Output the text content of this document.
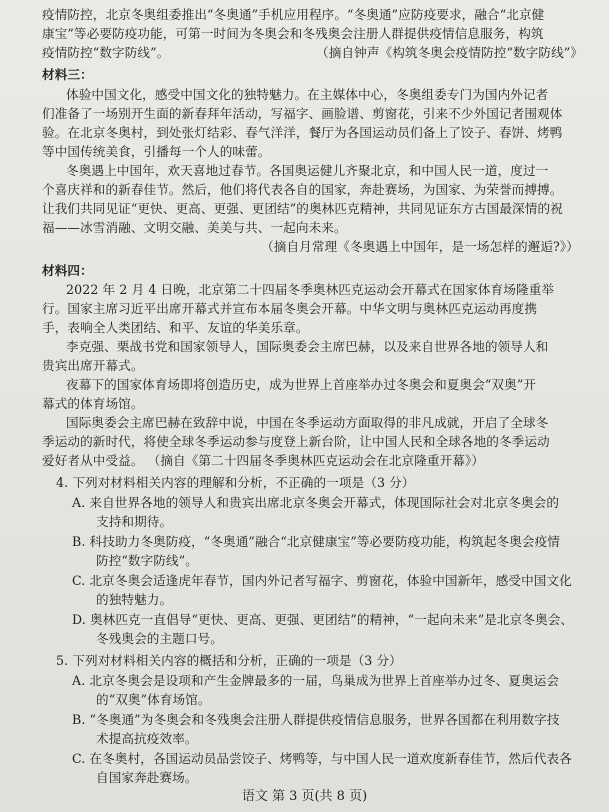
疫情防控，北京冬奥组委推出“冬奥通”手机应用程序。“冬奥通”应防疫要求，融合“北京健
康宝”等必要防疫功能，可第一时间为冬奥会和冬残奥会注册人群提供疫情信息服务，构筑
疫情防控“数字防线”。	（摘自钟声《构筑冬奥会疫情防控“数字防线”》
材料三：
体验中国文化，感受中国文化的独特魅力。在主媒体中心，冬奥组委专门为国内外记者
们准备了一场别开生面的新春拜年活动，写福字、画脸谱、剪窗花，引来不少外国记者围观体
验。在北京冬奥村，到处张灯结彩、春气洋洋，餐厅为各国运动员们备上了饺子、春饼、烤鸭
等中国传统美食，引播每一个人的味蕾。
冬奥遇上中国年，欢天喜地过春节。各国奥运健儿齐聚北京，和中国人民一道，度过一
个喜庆祥和的新春佳节。然后，他们将代表各自的国家，奔赴赛场，为国家、为荣誉而搏搏。
让我们共同见证“更快、更高、更强、更团结”的奥林匹克精神，共同见证东方古国最深情的祝
福——冰雪消融、文明交融、美美与共、一起向未来。
（摘自月常理《冬奥遇上中国年，是一场怎样的邂逅?》）
材料四：
2022 年 2 月 4 日晚，北京第二十四届冬季奥林匹克运动会开幕式在国家体育场隆重举
行。国家主席习近平出席开幕式并宣布本届冬奥会开幕。中华文明与奥林匹克运动再度携
手，表响全人类团结、和平、友谊的华美乐章。
李克强、栗战书党和国家领导人，国际奥委会主席巴赫，以及来自世界各地的领导人和
贵宾出席开幕式。
夜幕下的国家体育场即将创造历史，成为世界上首座举办过冬奥会和夏奥会“双奥”开
幕式的体育场馆。
国际奥委会主席巴赫在致辞中说，中国在冬季运动方面取得的非凡成就，开启了全球冬
季运动的新时代，将使全球冬季运动参与度登上新台阶，让中国人民和全球各地的冬季运动
爱好者从中受益。 （摘自《第二十四届冬季奥林匹克运动会在北京隆重开幕》）
4. 下列对材料相关内容的理解和分析，不正确的一项是（3 分）
A. 来自世界各地的领导人和贵宾出席北京冬奥会开幕式，体现国际社会对北京冬奥会的
支持和期待。
B. 科技助力冬奥防疫，“冬奥通”融合“北京健康宝”等必要防疫功能，构筑起冬奥会疫情
防控“数字防线”。
C. 北京冬奥会适逢虎年春节，国内外记者写福字、剪窗花，体验中国新年，感受中国文化
的独特魅力。
D. 奥林匹克一直倡导“更快、更高、更强、更团结”的精神，“一起向未来”是北京冬奥会、
冬残奥会的主题口号。
5. 下列对材料相关内容的概括和分析，正确的一项是（3 分）
A. 北京冬奥会是设项和产生金牌最多的一届，鸟巢成为世界上首座举办过冬、夏奥运会
的“双奥”体育场馆。
B. “冬奥通”为冬奥会和冬残奥会注册人群提供疫情信息服务，世界各国都在利用数字技
术提高抗疫效率。
C. 在冬奥村，各国运动员品尝饺子、烤鸭等，与中国人民一道欢度新春佳节，然后代表各
自国家奔赴赛场。
语文 第 3 页(共 8 页)
